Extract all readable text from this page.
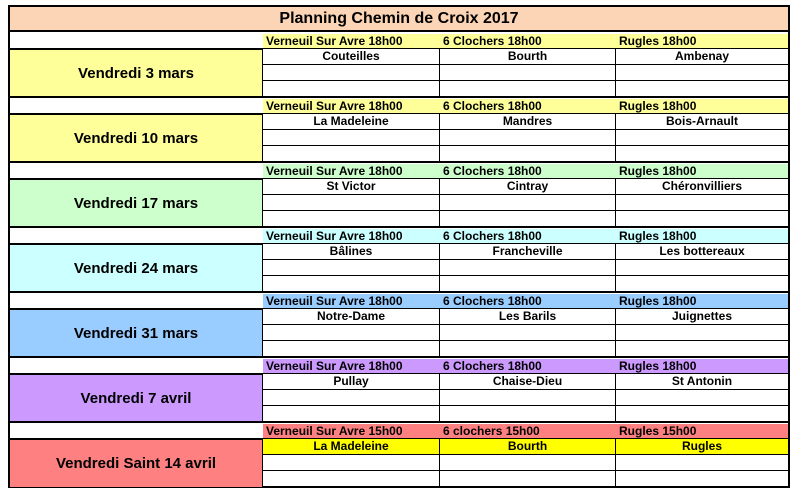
Planning Chemin de Croix 2017
Verneuil Sur Avre 18h00	6 Clochers 18h00	Rugles 18h00
Vendredi 3 mars
Couteilles	Bourth	Ambenay
Verneuil Sur Avre 18h00	6 Clochers 18h00	Rugles 18h00
Vendredi 10 mars
La Madeleine	Mandres	Bois-Arnault
Verneuil Sur Avre 18h00	6 Clochers 18h00	Rugles 18h00
Vendredi 17 mars
St Victor	Cintray	Chéronvilliers
Verneuil Sur Avre 18h00	6 Clochers 18h00	Rugles 18h00
Vendredi 24 mars
Bâlines	Francheville	Les bottereaux
Verneuil Sur Avre 18h00	6 Clochers 18h00	Rugles 18h00
Vendredi 31 mars
Notre-Dame	Les Barils	Juignettes
Verneuil Sur Avre 18h00	6 Clochers 18h00	Rugles 18h00
Vendredi 7 avril
Pullay	Chaise-Dieu	St Antonin
Verneuil Sur Avre 15h00	6 clochers 15h00	Rugles 15h00
Vendredi Saint 14 avril
La Madeleine	Bourth	Rugles
